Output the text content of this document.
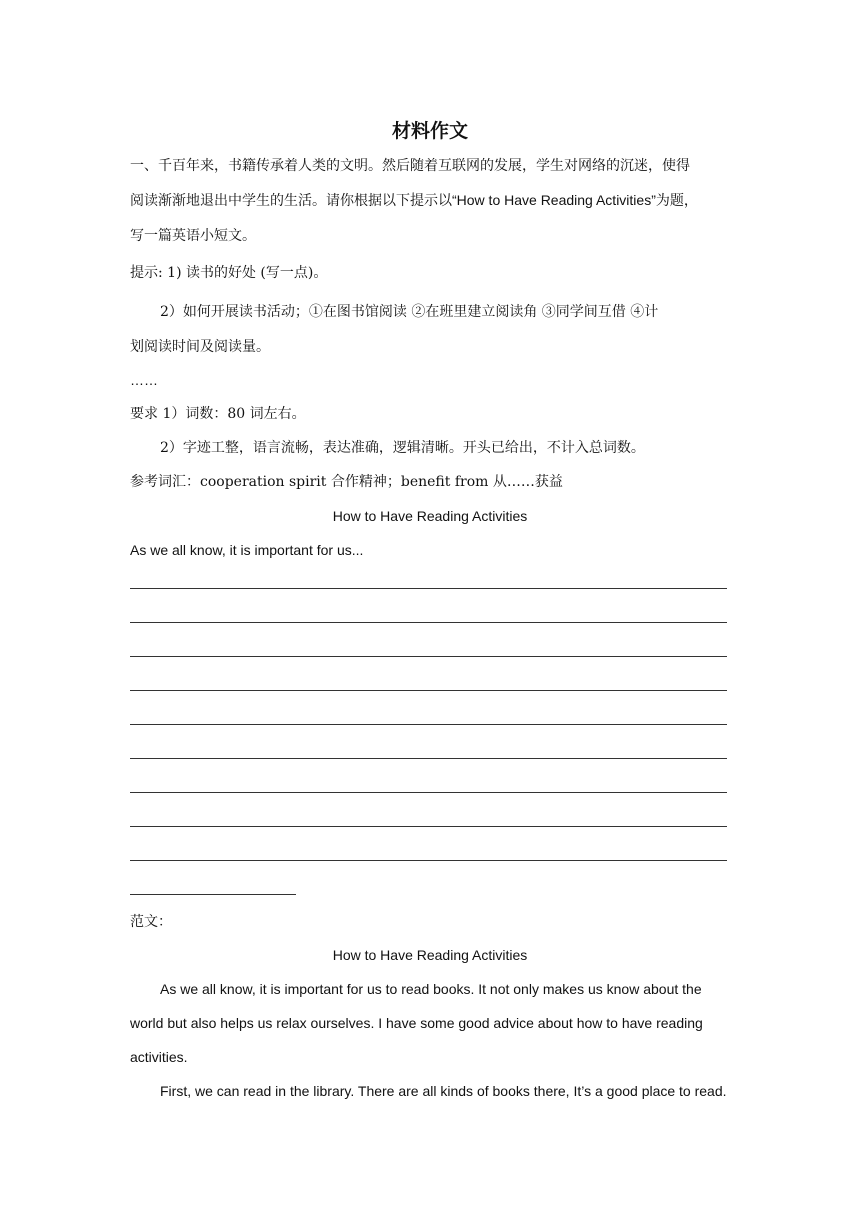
材料作文
一、千百年来，书籍传承着人类的文明。然后随着互联网的发展，学生对网络的沉迷，使得
阅读渐渐地退出中学生的生活。请你根据以下提示以“How to Have Reading Activities”为题，
写一篇英语小短文。
提示: 1) 读书的好处 (写一点)。
2）如何开展读书活动；①在图书馆阅读 ②在班里建立阅读角 ③同学间互借 ④计
划阅读时间及阅读量。
……
要求 1）词数：80 词左右。
2）字迹工整，语言流畅，表达准确，逻辑清晰。开头已给出，不计入总词数。
参考词汇：cooperation spirit 合作精神；benefit from 从……获益
How to Have Reading Activities
As we all know, it is important for us...
范文：
How to Have Reading Activities
As we all know, it is important for us to read books. It not only makes us know about the
world but also helps us relax ourselves. I have some good advice about how to have reading
activities.
First, we can read in the library. There are all kinds of books there, It’s a good place to read.
